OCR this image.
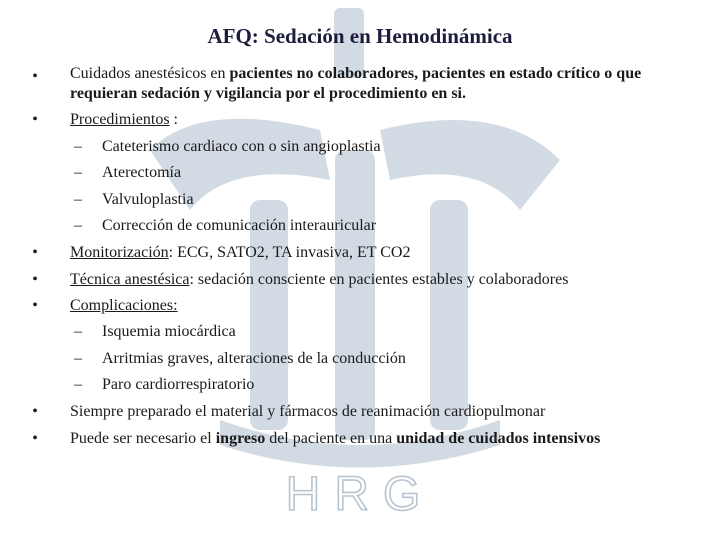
HRG
AFQ: Sedación en Hemodinámica
• Cuidados anestésicos en pacientes no colaboradores, pacientes en estado crítico o que requieran sedación y vigilancia por el procedimiento en si.
• Procedimientos :
– Cateterismo cardiaco con o sin angioplastia
– Aterectomía
– Valvuloplastia
– Corrección de comunicación interauricular
• Monitorización: ECG, SATO2, TA invasiva, ET CO2
• Técnica anestésica: sedación consciente en pacientes estables y colaboradores
• Complicaciones:
– Isquemia miocárdica
– Arritmias graves, alteraciones de la conducción
– Paro cardiorrespiratorio
• Siempre preparado el material y fármacos de reanimación cardiopulmonar
• Puede ser necesario el ingreso del paciente en una unidad de cuidados intensivos
